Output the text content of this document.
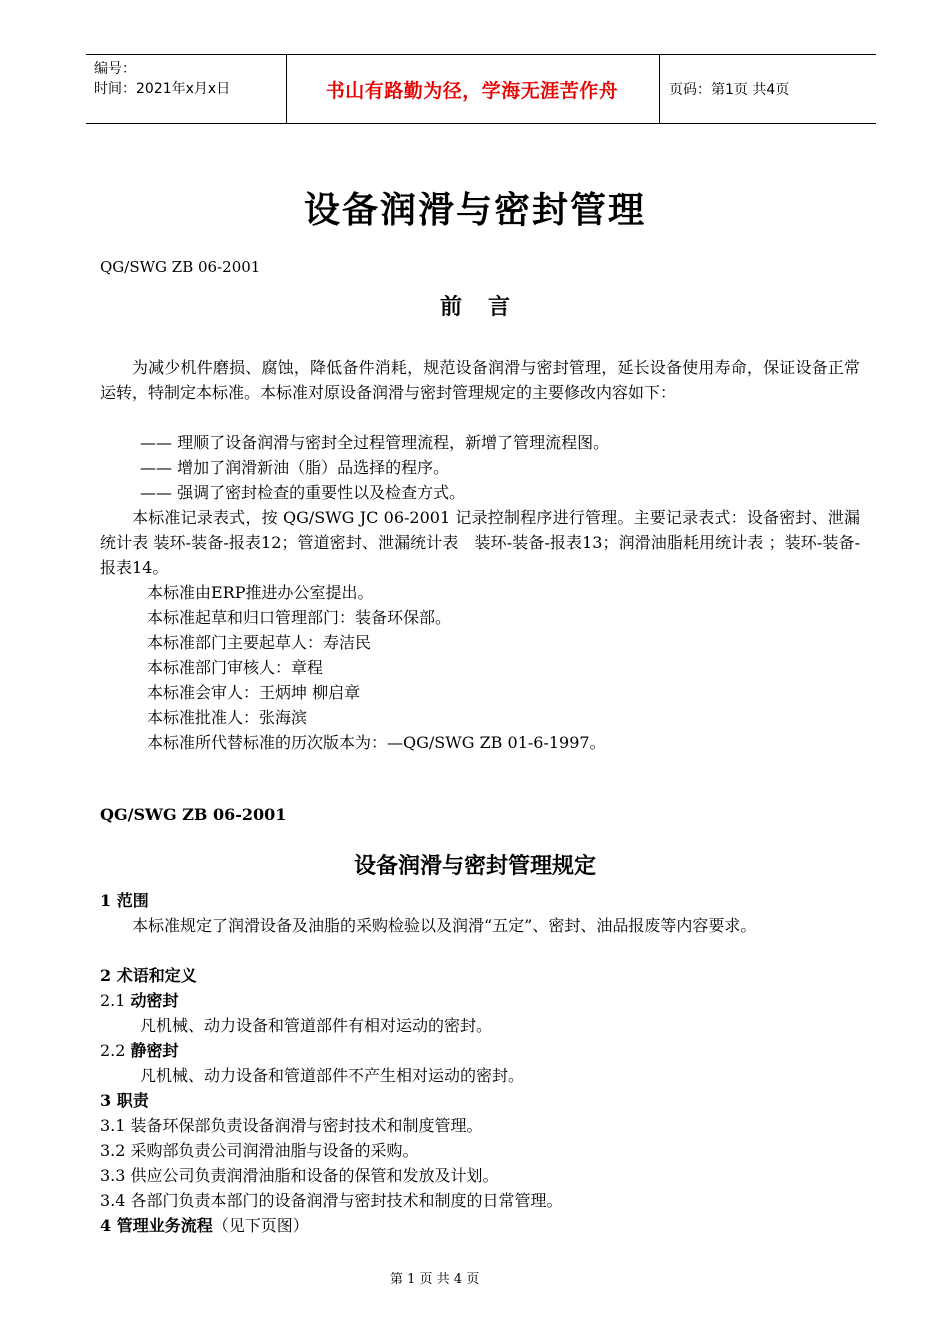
编号：
时间：2021年x月x日	书山有路勤为径，学海无涯苦作舟	页码：第1页 共4页
设备润滑与密封管理
QG/SWG ZB 06-2001
前言

为减少机件磨损、腐蚀，降低备件消耗，规范设备润滑与密封管理，延长设备使用寿命，保证设备正常运转，特制定本标准。本标准对原设备润滑与密封管理规定的主要修改内容如下：

—— 理顺了设备润滑与密封全过程管理流程，新增了管理流程图。
—— 增加了润滑新油（脂）品选择的程序。
—— 强调了密封检查的重要性以及检查方式。

本标准记录表式，按 QG/SWG JC 06-2001 记录控制程序进行管理。主要记录表式：设备密封、泄漏统计表 装环-装备-报表12；管道密封、泄漏统计表　装环-装备-报表13；润滑油脂耗用统计表 ；装环-装备-报表14。

本标准由ERP推进办公室提出。
本标准起草和归口管理部门：装备环保部。
本标准部门主要起草人：寿洁民
本标准部门审核人：章程
本标准会审人：王炳坤 柳启章
本标准批准人：张海滨
本标准所代替标准的历次版本为：—QG/SWG ZB 01-6-1997。
QG/SWG ZB 06-2001
设备润滑与密封管理规定
1 范围

本标准规定了润滑设备及油脂的采购检验以及润滑“五定”、密封、油品报废等内容要求。

2 术语和定义
2.1 动密封
凡机械、动力设备和管道部件有相对运动的密封。
2.2 静密封
凡机械、动力设备和管道部件不产生相对运动的密封。
3 职责
3.1 装备环保部负责设备润滑与密封技术和制度管理。
3.2 采购部负责公司润滑油脂与设备的采购。
3.3 供应公司负责润滑油脂和设备的保管和发放及计划。
3.4 各部门负责本部门的设备润滑与密封技术和制度的日常管理。
4 管理业务流程（见下页图）
第 1 页 共 4 页
